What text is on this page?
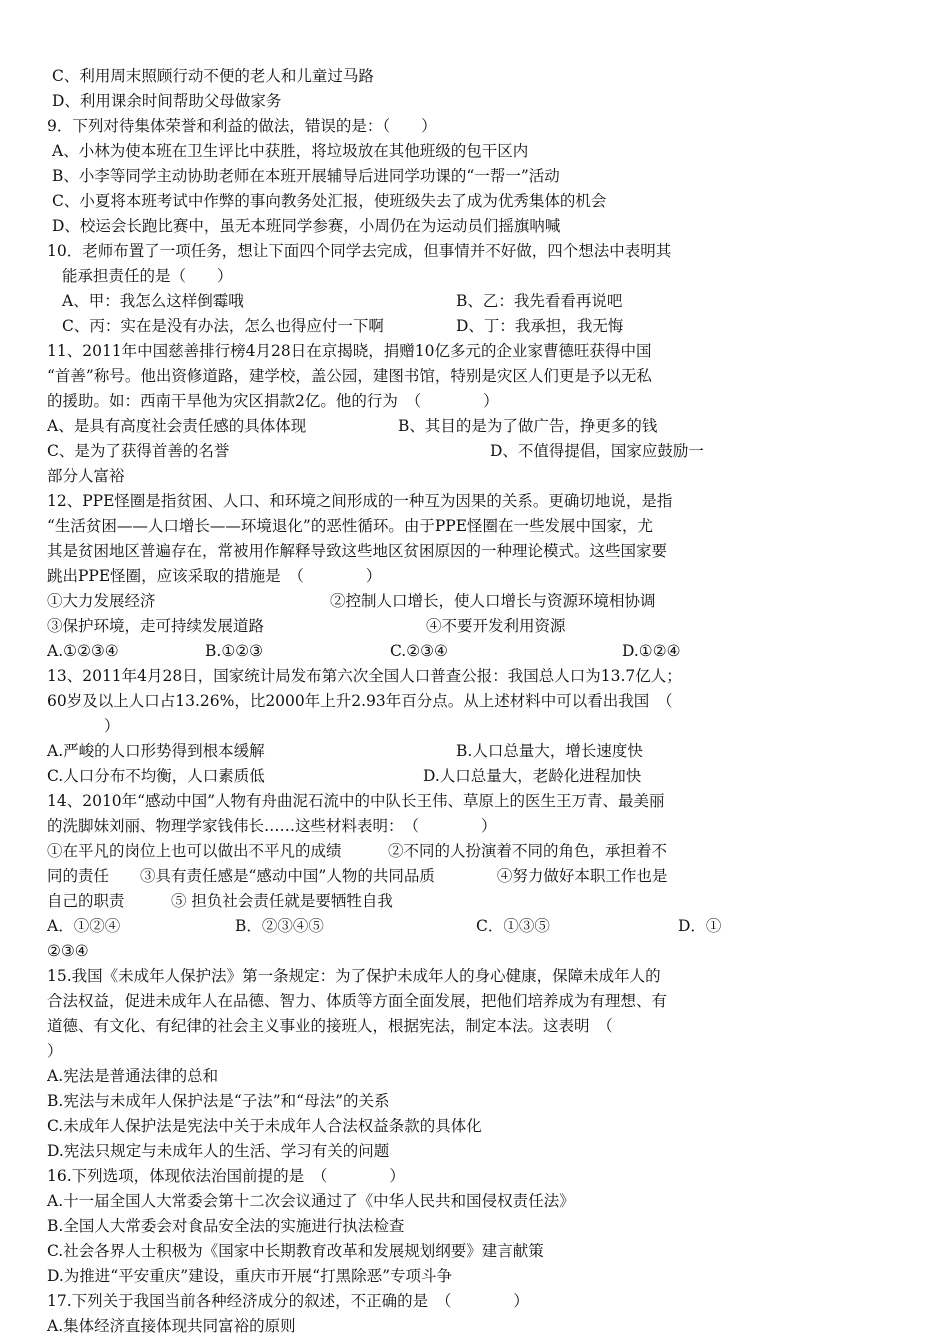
C、利用周末照顾行动不便的老人和儿童过马路
D、利用课余时间帮助父母做家务
9．下列对待集体荣誉和利益的做法，错误的是：（　　）
A、小林为使本班在卫生评比中获胜，将垃圾放在其他班级的包干区内
B、小李等同学主动协助老师在本班开展辅导后进同学功课的“一帮一”活动
C、小夏将本班考试中作弊的事向教务处汇报，使班级失去了成为优秀集体的机会
D、校运会长跑比赛中，虽无本班同学参赛，小周仍在为运动员们摇旗呐喊
10．老师布置了一项任务，想让下面四个同学去完成，但事情并不好做，四个想法中表明其
能承担责任的是（　　）
A、甲：我怎么这样倒霉哦	B、乙：我先看看再说吧
C、丙：实在是没有办法，怎么也得应付一下啊	D、丁：我承担，我无悔
11、2011年中国慈善排行榜4月28日在京揭晓，捐赠10亿多元的企业家曹德旺获得中国
“首善”称号。他出资修道路，建学校，盖公园，建图书馆，特别是灾区人们更是予以无私
的援助。如：西南干旱他为灾区捐款2亿。他的行为　（　　　　）
A、是具有高度社会责任感的具体体现	B、其目的是为了做广告，挣更多的钱
C、是为了获得首善的名誉	D、不值得提倡，国家应鼓励一
部分人富裕
12、PPE怪圈是指贫困、人口、和环境之间形成的一种互为因果的关系。更确切地说，是指
“生活贫困——人口增长——环境退化”的恶性循环。由于PPE怪圈在一些发展中国家，尤
其是贫困地区普遍存在，常被用作解释导致这些地区贫困原因的一种理论模式。这些国家要
跳出PPE怪圈，应该采取的措施是　（　　　　）
①大力发展经济	②控制人口增长，使人口增长与资源环境相协调
③保护环境，走可持续发展道路	④不要开发利用资源
A.①②③④	B.①②③	C.②③④	D.①②④
13、2011年4月28日，国家统计局发布第六次全国人口普查公报：我国总人口为13.7亿人；
60岁及以上人口占13.26%，比2000年上升2.93年百分点。从上述材料中可以看出我国　（
）
A.严峻的人口形势得到根本缓解	B.人口总量大，增长速度快
C.人口分布不均衡，人口素质低	D.人口总量大，老龄化进程加快
14、2010年“感动中国”人物有舟曲泥石流中的中队长王伟、草原上的医生王万青、最美丽
的洗脚妹刘丽、物理学家钱伟长……这些材料表明：　（　　　　）
①在平凡的岗位上也可以做出不平凡的成绩　　　②不同的人扮演着不同的角色，承担着不
同的责任　　③具有责任感是“感动中国”人物的共同品质　　　　④努力做好本职工作也是
自己的职责　　　⑤ 担负社会责任就是要牺牲自我
A．①②④	B．②③④⑤	C．①③⑤	D．①
②③④
15.我国《未成年人保护法》第一条规定：为了保护未成年人的身心健康，保障未成年人的
合法权益，促进未成年人在品德、智力、体质等方面全面发展，把他们培养成为有理想、有
道德、有文化、有纪律的社会主义事业的接班人，根据宪法，制定本法。这表明　（
）
A.宪法是普通法律的总和
B.宪法与未成年人保护法是“子法”和“母法”的关系
C.未成年人保护法是宪法中关于未成年人合法权益条款的具体化
D.宪法只规定与未成年人的生活、学习有关的问题
16.下列选项，体现依法治国前提的是　（　　　　）
A.十一届全国人大常委会第十二次会议通过了《中华人民共和国侵权责任法》
B.全国人大常委会对食品安全法的实施进行执法检查
C.社会各界人士积极为《国家中长期教育改革和发展规划纲要》建言献策
D.为推进“平安重庆”建设，重庆市开展“打黑除恶”专项斗争
17.下列关于我国当前各种经济成分的叙述，不正确的是　（　　　　）
A.集体经济直接体现共同富裕的原则
